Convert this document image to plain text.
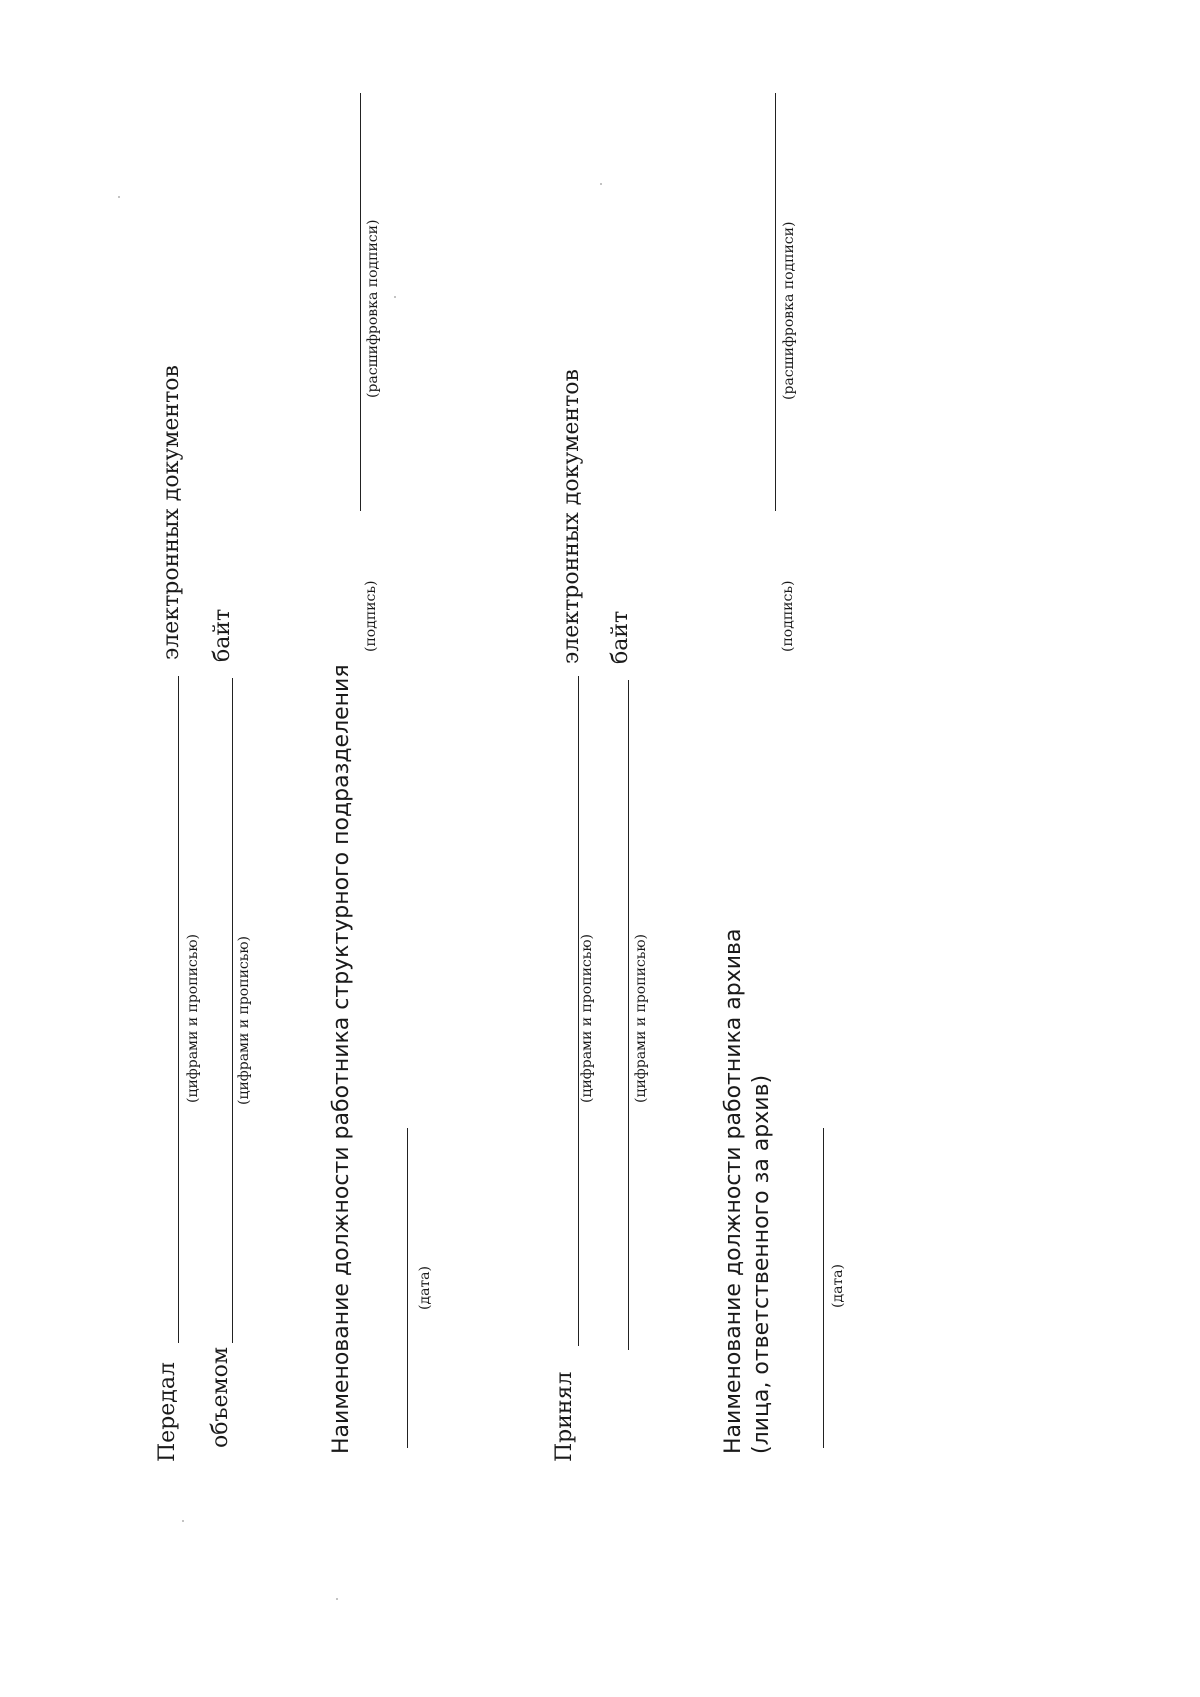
Передал
электронных документов
(цифрами и прописью)
объемом
байт
(цифрами и прописью)	Наименование должности работника структурного подразделения	(дата)
(подпись)
(расшифровка подписи)
Принял
электронных документов
(цифрами и прописью)
байт
(цифрами и прописью)	Наименование должности работника архива (лица, ответственного за архив)	(дата)
(подпись)
(расшифровка подписи)
